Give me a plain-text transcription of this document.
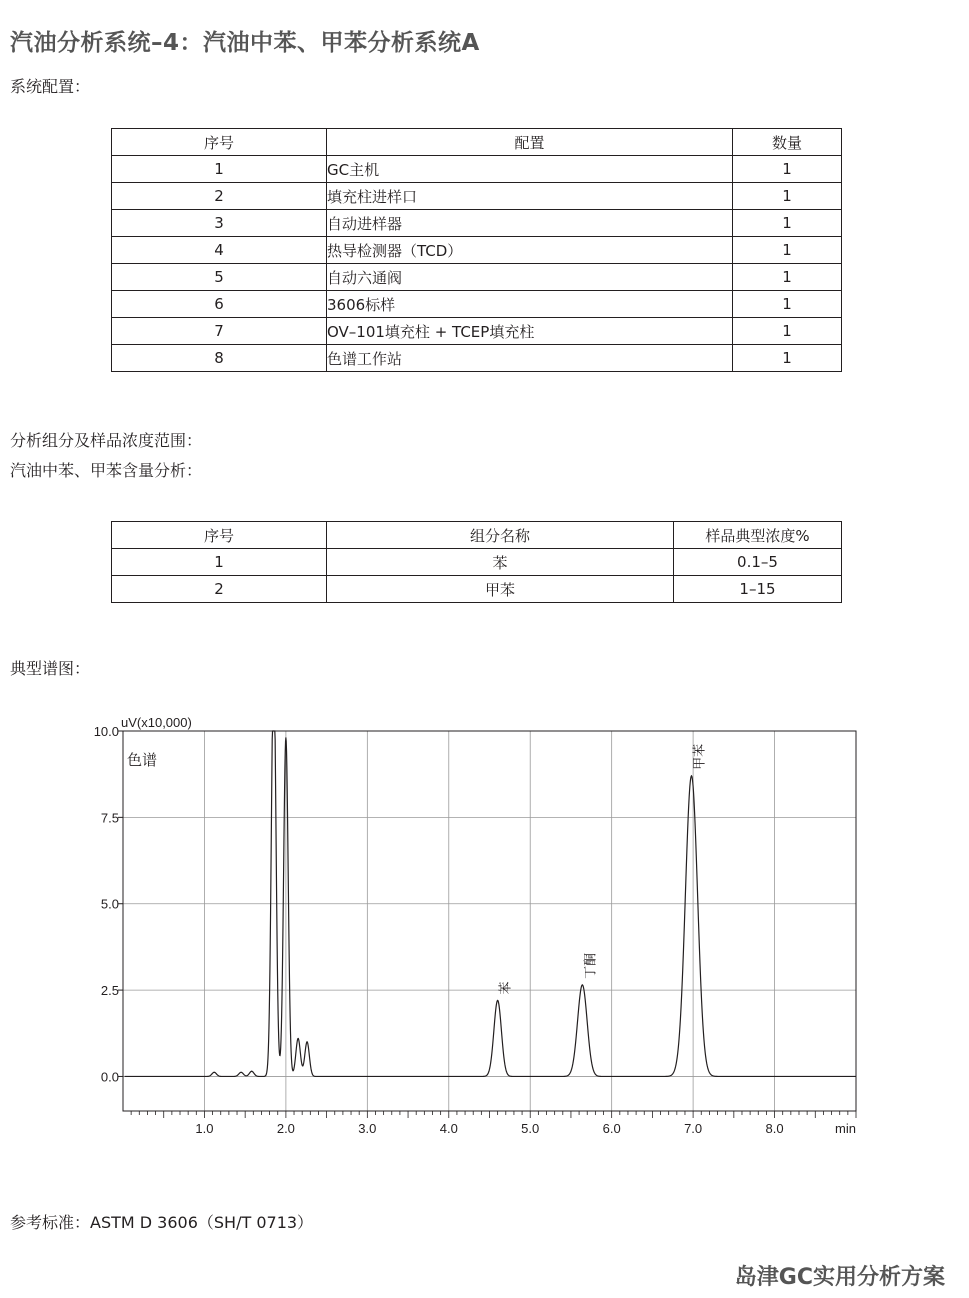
汽油分析系统–4：汽油中苯、甲苯分析系统A
系统配置：
序号	配置	数量
1	GC主机	1
2	填充柱进样口	1
3	自动进样器	1
4	热导检测器（TCD）	1
5	自动六通阀	1
6	3606标样	1
7	OV–101填充柱 + TCEP填充柱	1
8	色谱工作站	1
分析组分及样品浓度范围：
汽油中苯、甲苯含量分析：
序号	组分名称	样品典型浓度%
1	苯	0.1–5
2	甲苯	1–15
典型谱图：
1.0	2.0	3.0	4.0	5.0	6.0	7.0	8.0
0.0
2.5
5.0
7.5
10.0
uV(x10,000)
min
色谱
苯
丁酮
甲苯
参考标准：ASTM D 3606（SH/T 0713）
岛津GC实用分析方案
